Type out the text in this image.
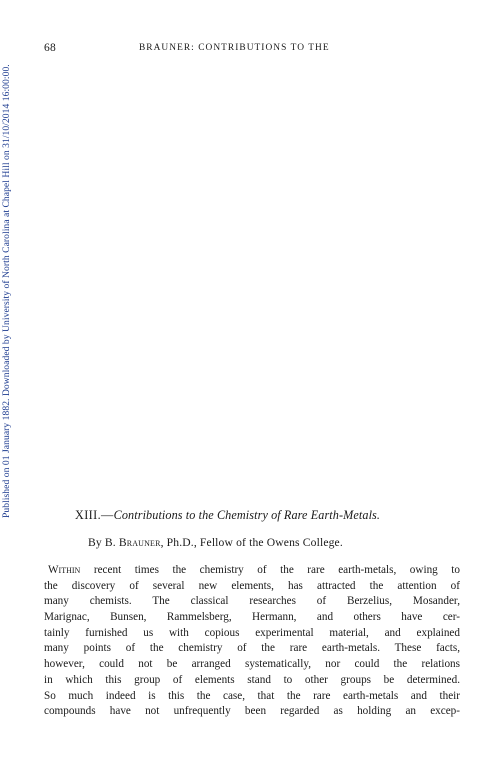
Published on 01 January 1882. Downloaded by University of North Carolina at Chapel Hill on 31/10/2014 16:00:00.
68	BRAUNER: CONTRIBUTIONS TO THE
XIII.—Contributions to the Chemistry of Rare Earth-Metals.
By B. Brauner, Ph.D., Fellow of the Owens College.
Within recent times the chemistry of the rare earth-metals, owing to
the discovery of several new elements, has attracted the attention of
many chemists. The classical researches of Berzelius, Mosander,
Marignac, Bunsen, Rammelsberg, Hermann, and others have cer-
tainly furnished us with copious experimental material, and explained
many points of the chemistry of the rare earth-metals. These facts,
however, could not be arranged systematically, nor could the relations
in which this group of elements stand to other groups be determined.
So much indeed is this the case, that the rare earth-metals and their
compounds have not unfrequently been regarded as holding an excep-
